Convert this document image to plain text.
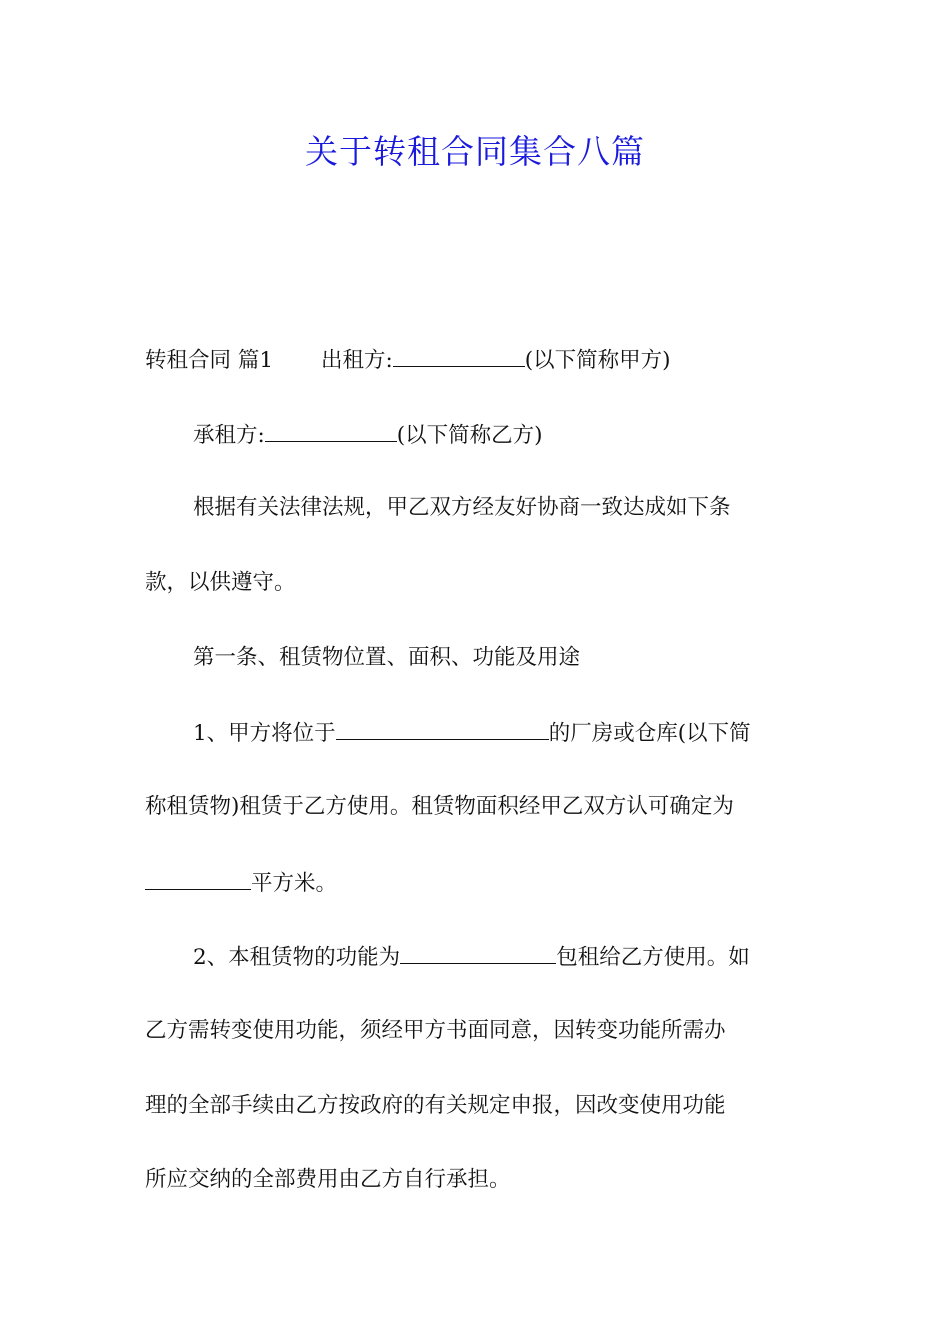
关于转租合同集合八篇

转租合同 篇1 出租方:	(以下简称甲方)

承租方:	(以下简称乙方)

根据有关法律法规，甲乙双方经友好协商一致达成如下条

款，以供遵守。

第一条、租赁物位置、面积、功能及用途

1、甲方将位于	的厂房或仓库(以下简

称租赁物)租赁于乙方使用。租赁物面积经甲乙双方认可确定为

平方米。

2、本租赁物的功能为	包租给乙方使用。如

乙方需转变使用功能，须经甲方书面同意，因转变功能所需办

理的全部手续由乙方按政府的有关规定申报，因改变使用功能

所应交纳的全部费用由乙方自行承担。
